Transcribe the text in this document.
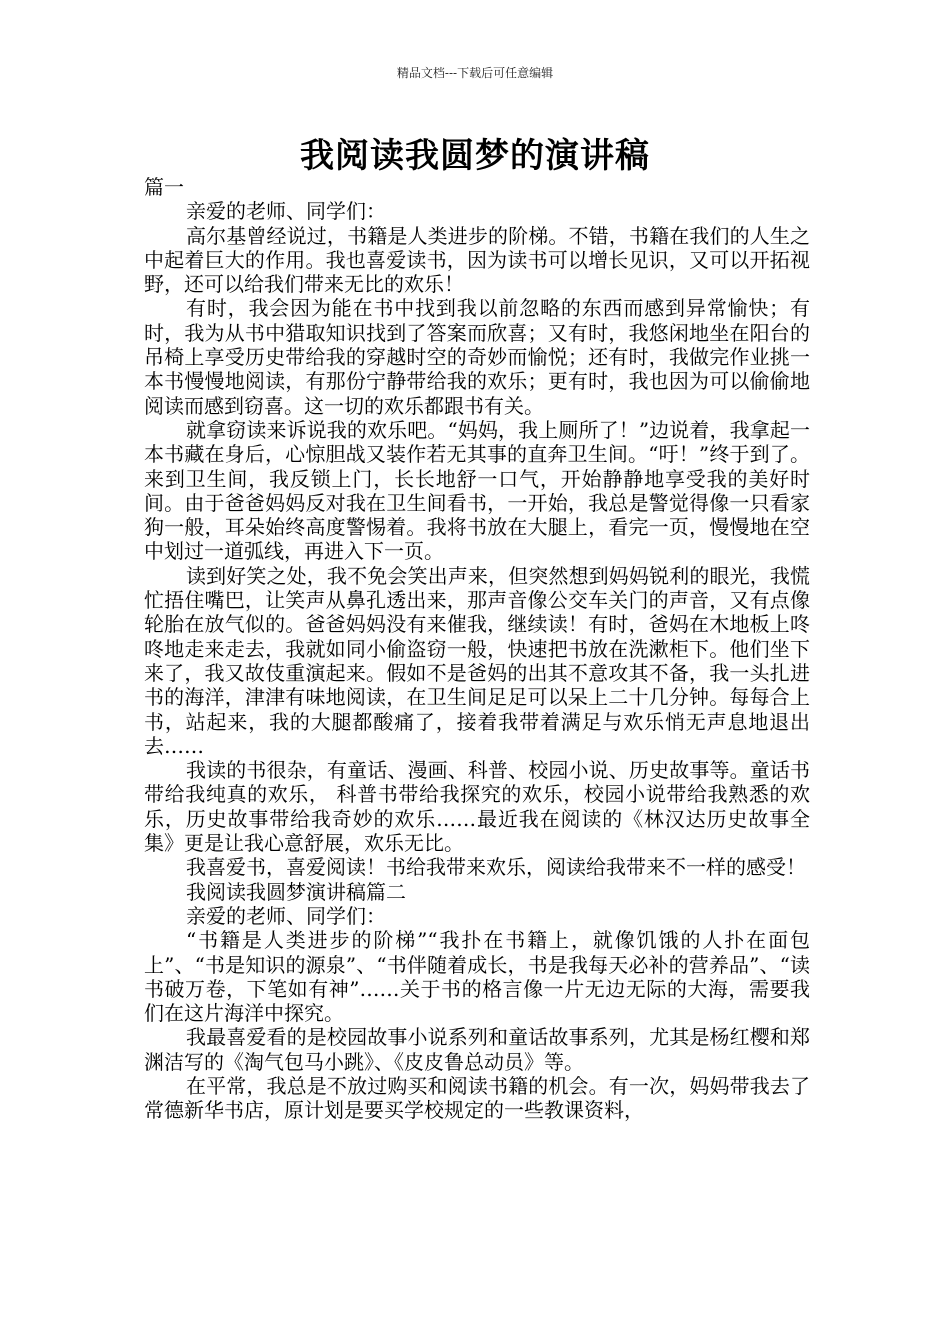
精品文档---下载后可任意编辑
我阅读我圆梦的演讲稿

篇一

亲爱的老师、同学们：

高尔基曾经说过，书籍是人类进步的阶梯。不错，书籍在我们的人生之中起着巨大的作用。我也喜爱读书，因为读书可以增长见识，又可以开拓视野，还可以给我们带来无比的欢乐！

有时，我会因为能在书中找到我以前忽略的东西而感到异常愉快；有时，我为从书中猎取知识找到了答案而欣喜；又有时，我悠闲地坐在阳台的吊椅上享受历史带给我的穿越时空的奇妙而愉悦；还有时，我做完作业挑一本书慢慢地阅读，有那份宁静带给我的欢乐；更有时，我也因为可以偷偷地阅读而感到窃喜。这一切的欢乐都跟书有关。

就拿窃读来诉说我的欢乐吧。“妈妈，我上厕所了！”边说着，我拿起一本书藏在身后，心惊胆战又装作若无其事的直奔卫生间。“吁！”终于到了。来到卫生间，我反锁上门，长长地舒一口气，开始静静地享受我的美好时间。由于爸爸妈妈反对我在卫生间看书，一开始，我总是警觉得像一只看家狗一般，耳朵始终高度警惕着。我将书放在大腿上，看完一页，慢慢地在空中划过一道弧线，再进入下一页。

读到好笑之处，我不免会笑出声来，但突然想到妈妈锐利的眼光，我慌忙捂住嘴巴，让笑声从鼻孔透出来，那声音像公交车关门的声音，又有点像轮胎在放气似的。爸爸妈妈没有来催我，继续读！有时，爸妈在木地板上咚咚地走来走去，我就如同小偷盗窃一般，快速把书放在洗漱柜下。他们坐下来了，我又故伎重演起来。假如不是爸妈的出其不意攻其不备，我一头扎进书的海洋，津津有味地阅读，在卫生间足足可以呆上二十几分钟。每每合上书，站起来，我的大腿都酸痛了，接着我带着满足与欢乐悄无声息地退出去……

我读的书很杂，有童话、漫画、科普、校园小说、历史故事等。童话书带给我纯真的欢乐， 科普书带给我探究的欢乐，校园小说带给我熟悉的欢乐，历史故事带给我奇妙的欢乐……最近我在阅读的《林汉达历史故事全集》更是让我心意舒展，欢乐无比。

我喜爱书，喜爱阅读！书给我带来欢乐，阅读给我带来不一样的感受！

我阅读我圆梦演讲稿篇二

亲爱的老师、同学们：

“书籍是人类进步的阶梯”“我扑在书籍上，就像饥饿的人扑在面包上”、“书是知识的源泉”、“书伴随着成长，书是我每天必补的营养品”、“读书破万卷，下笔如有神”……关于书的格言像一片无边无际的大海，需要我们在这片海洋中探究。

我最喜爱看的是校园故事小说系列和童话故事系列，尤其是杨红樱和郑渊洁写的《淘气包马小跳》、《皮皮鲁总动员》等。

在平常，我总是不放过购买和阅读书籍的机会。有一次，妈妈带我去了常德新华书店，原计划是要买学校规定的一些教课资料，
